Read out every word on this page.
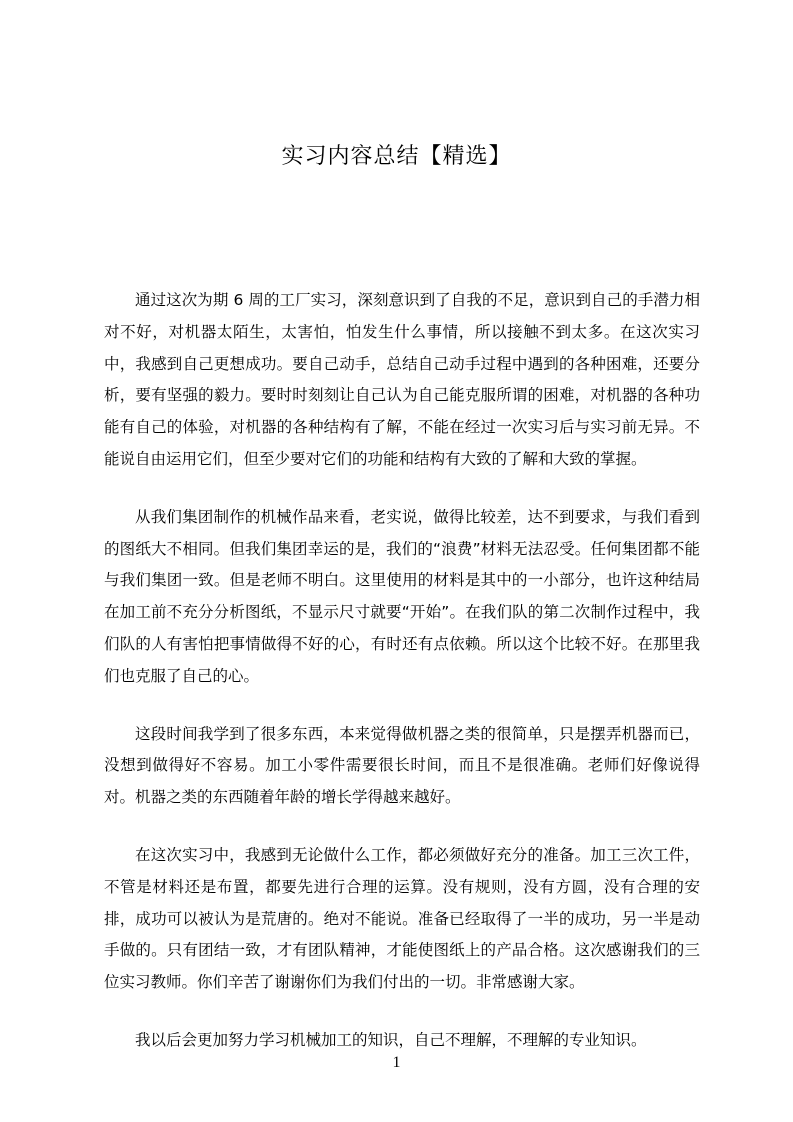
实习内容总结【精选】

通过这次为期 6 周的工厂实习，深刻意识到了自我的不足，意识到自己的手潜力相对不好，对机器太陌生，太害怕，怕发生什么事情，所以接触不到太多。在这次实习中，我感到自己更想成功。要自己动手，总结自己动手过程中遇到的各种困难，还要分析，要有坚强的毅力。要时时刻刻让自己认为自己能克服所谓的困难，对机器的各种功能有自己的体验，对机器的各种结构有了解，不能在经过一次实习后与实习前无异。不能说自由运用它们，但至少要对它们的功能和结构有大致的了解和大致的掌握。

从我们集团制作的机械作品来看，老实说，做得比较差，达不到要求，与我们看到的图纸大不相同。但我们集团幸运的是，我们的“浪费”材料无法忍受。任何集团都不能与我们集团一致。但是老师不明白。这里使用的材料是其中的一小部分，也许这种结局在加工前不充分分析图纸，不显示尺寸就要“开始”。在我们队的第二次制作过程中，我们队的人有害怕把事情做得不好的心，有时还有点依赖。所以这个比较不好。在那里我们也克服了自己的心。

这段时间我学到了很多东西，本来觉得做机器之类的很简单，只是摆弄机器而已，没想到做得好不容易。加工小零件需要很长时间，而且不是很准确。老师们好像说得对。机器之类的东西随着年龄的增长学得越来越好。

在这次实习中，我感到无论做什么工作，都必须做好充分的准备。加工三次工件，不管是材料还是布置，都要先进行合理的运算。没有规则，没有方圆，没有合理的安排，成功可以被认为是荒唐的。绝对不能说。准备已经取得了一半的成功，另一半是动手做的。只有团结一致，才有团队精神，才能使图纸上的产品合格。这次感谢我们的三位实习教师。你们辛苦了谢谢你们为我们付出的一切。非常感谢大家。

我以后会更加努力学习机械加工的知识，自己不理解，不理解的专业知识。

1
